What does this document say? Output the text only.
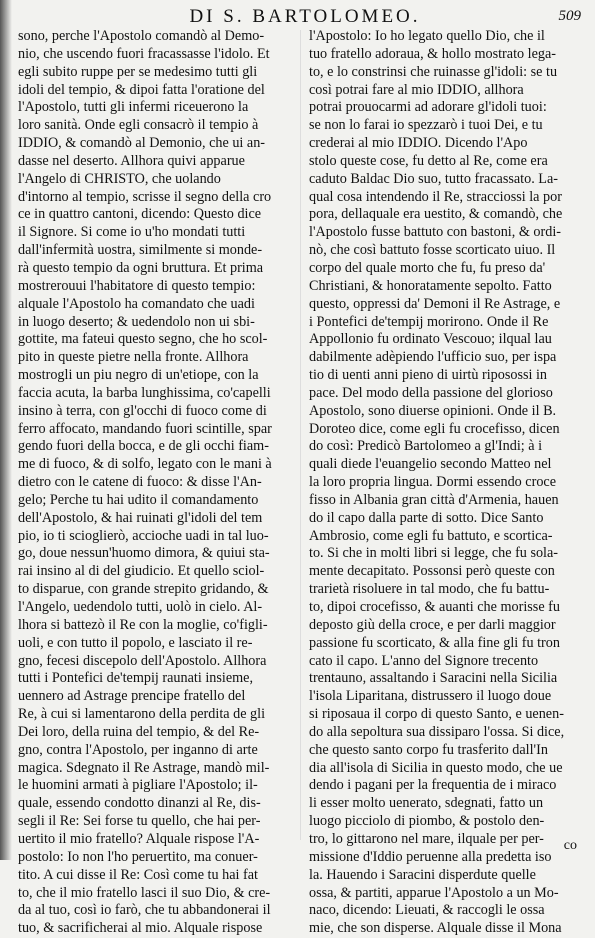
DI S. BARTOLOMEO.	509
sono, perche l'Apostolo comandò al Demo-
nio, che uscendo fuori fracassasse l'idolo. Et
egli subito ruppe per se medesimo tutti gli
idoli del tempio, & dipoi fatta l'oratione del
l'Apostolo, tutti gli infermi riceuerono la
loro sanità. Onde egli consacrò il tempio à
IDDIO, & comandò al Demonio, che ui an-
dasse nel deserto. Allhora quivi apparue
l'Angelo di CHRISTO, che uolando
d'intorno al tempio, scrisse il segno della cro
ce in quattro cantoni, dicendo: Questo dice
il Signore. Si come io u'ho mondati tutti
dall'infermità uostra, similmente si monde-
rà questo tempio da ogni bruttura. Et prima
mostrerouui l'habitatore di questo tempio:
alquale l'Apostolo ha comandato che uadi
in luogo deserto; & uedendolo non ui sbi-
gottite, ma fateui questo segno, che ho scol-
pito in queste pietre nella fronte. Allhora
mostrogli un piu negro di un'etiope, con la
faccia acuta, la barba lunghissima, co'capelli
insino à terra, con gl'occhi di fuoco come di
ferro affocato, mandando fuori scintille, spar
gendo fuori della bocca, e de gli occhi fiam-
me di fuoco, & di solfo, legato con le mani à
dietro con le catene di fuoco: & disse l'An-
gelo; Perche tu hai udito il comandamento
dell'Apostolo, & hai ruinati gl'idoli del tem
pio, io ti scioglierò, accioche uadi in tal luo-
go, doue nessun'huomo dimora, & quiui sta-
rai insino al di del giudicio. Et quello sciol-
to disparue, con grande strepito gridando, &
l'Angelo, uedendolo tutti, uolò in cielo. Al-
lhora si battezò il Re con la moglie, co'figli-
uoli, e con tutto il popolo, e lasciato il re-
gno, fecesi discepolo dell'Apostolo. Allhora
tutti i Pontefici de'tempij raunati insieme,
uennero ad Astrage prencipe fratello del
Re, à cui si lamentarono della perdita de gli
Dei loro, della ruina del tempio, & del Re-
gno, contra l'Apostolo, per inganno di arte
magica. Sdegnato il Re Astrage, mandò mil-
le huomini armati à pigliare l'Apostolo; il-
quale, essendo condotto dinanzi al Re, dis-
segli il Re: Sei forse tu quello, che hai per-
uertito il mio fratello? Alquale rispose l'A-
postolo: Io non l'ho peruertito, ma conuer-
tito. A cui disse il Re: Così come tu hai fat
to, che il mio fratello lasci il suo Dio, & cre-
da al tuo, così io farò, che tu abbandonerai il
tuo, & sacrificherai al mio. Alquale rispose
l'Apostolo: Io ho legato quello Dio, che il
tuo fratello adoraua, & hollo mostrato lega-
to, e lo constrinsi che ruinasse gl'idoli: se tu
così potrai fare al mio IDDIO, allhora
potrai prouocarmi ad adorare gl'idoli tuoi:
se non lo farai io spezzarò i tuoi Dei, e tu
crederai al mio IDDIO. Dicendo l'Apo
stolo queste cose, fu detto al Re, come era
caduto Baldac Dio suo, tutto fracassato. La-
qual cosa intendendo il Re, stracciossi la por
pora, dellaquale era uestito, & comandò, che
l'Apostolo fusse battuto con bastoni, & ordi-
nò, che così battuto fosse scorticato uiuo. Il
corpo del quale morto che fu, fu preso da'
Christiani, & honoratamente sepolto. Fatto
questo, oppressi da' Demoni il Re Astrage, e
i Pontefici de'tempij morirono. Onde il Re
Appollonio fu ordinato Vescouo; ilqual lau
dabilmente adèpiendo l'ufficio suo, per ispa
tio di uenti anni pieno di uirtù riposossi in
pace. Del modo della passione del glorioso
Apostolo, sono diuerse opinioni. Onde il B.
Doroteo dice, come egli fu crocefisso, dicen
do così: Predicò Bartolomeo a gl'Indi; à i
quali diede l'euangelio secondo Matteo nel
la loro propria lingua. Dormi essendo croce
fisso in Albania gran città d'Armenia, hauen
do il capo dalla parte di sotto. Dice Santo
Ambrosio, come egli fu battuto, e scortica-
to. Si che in molti libri si legge, che fu sola-
mente decapitato. Possonsi però queste con
trarietà risoluere in tal modo, che fu battu-
to, dipoi crocefisso, & auanti che morisse fu
deposto giù della croce, e per darli maggior
passione fu scorticato, & alla fine gli fu tron
cato il capo. L'anno del Signore trecento
trentauno, assaltando i Saracini nella Sicilia
l'isola Liparitana, distrussero il luogo doue
si riposaua il corpo di questo Santo, e uenen-
do alla sepoltura sua dissiparo l'ossa. Si dice,
che questo santo corpo fu trasferito dall'In
dia all'isola di Sicilia in questo modo, che ue
dendo i pagani per la frequentia de i miraco
li esser molto uenerato, sdegnati, fatto un
luogo picciolo di piombo, & postolo den-
tro, lo gittarono nel mare, ilquale per per-
missione d'Iddio peruenne alla predetta iso
la. Hauendo i Saracini disperdute quelle
ossa, & partiti, apparue l'Apostolo a un Mo-
naco, dicendo: Lieuati, & raccogli le ossa
mie, che son disperse. Alquale disse il Mona
co
